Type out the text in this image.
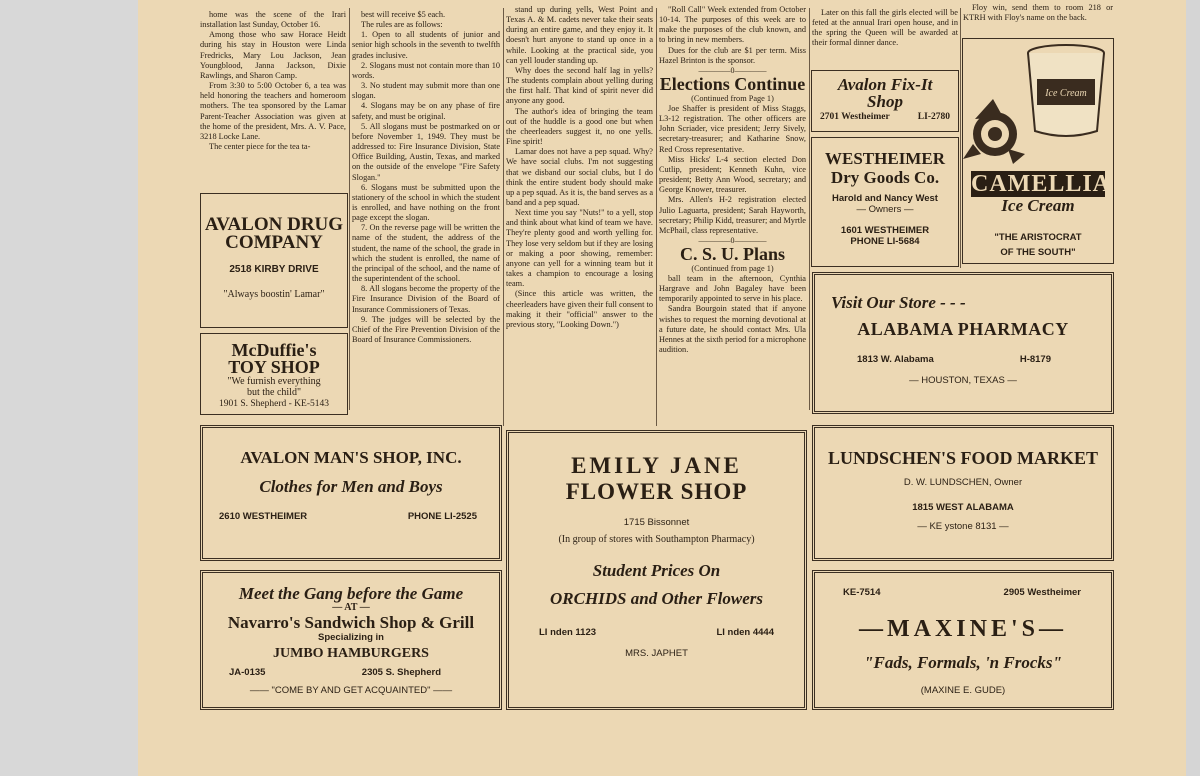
home was the scene of the Irari installation last Sunday, October 16.

Among those who saw Horace Heidt during his stay in Houston were Linda Fredricks, Mary Lou Jackson, Jean Youngblood, Janna Jackson, Dixie Rawlings, and Sharon Camp.

From 3:30 to 5:00 October 6, a tea was held honoring the teachers and homeroom mothers. The tea sponsored by the Lamar Parent-Teacher Association was given at the home of the president, Mrs. A. V. Pace, 3218 Locke Lane.

The center piece for the tea ta-

best will receive $5 each.

The rules are as follows:

1. Open to all students of junior and senior high schools in the seventh to twelfth grades inclusive.

2. Slogans must not contain more than 10 words.

3. No student may submit more than one slogan.

4. Slogans may be on any phase of fire safety, and must be original.

5. All slogans must be postmarked on or before November 1, 1949. They must be addressed to: Fire Insurance Division, State Office Building, Austin, Texas, and marked on the outside of the envelope "Fire Safety Slogan."

6. Slogans must be submitted upon the stationery of the school in which the student is enrolled, and have nothing on the front page except the slogan.

7. On the reverse page will be written the name of the student, the address of the student, the name of the school, the grade in which the student is enrolled, the name of the principal of the school, and the name of the superintendent of the school.

8. All slogans become the property of the Fire Insurance Division of the Board of Insurance Commissioners of Texas.

9. The judges will be selected by the Chief of the Fire Prevention Division of the Board of Insurance Commissioners.

stand up during yells, West Point and Texas A. & M. cadets never take their seats during an entire game, and they enjoy it. It doesn't hurt anyone to stand up once in a while. Looking at the practical side, you can yell louder standing up.

Why does the second half lag in yells? The students complain about yelling during the first half. That kind of spirit never did anyone any good.

The author's idea of bringing the team out of the huddle is a good one but when the cheerleaders suggest it, no one yells. Fine spirit!

Lamar does not have a pep squad. Why? We have social clubs. I'm not suggesting that we disband our social clubs, but I do think the entire student body should make up a pep squad. As it is, the band serves as a band and a pep squad.

Next time you say "Nuts!" to a yell, stop and think about what kind of team we have. They're plenty good and worth yelling for. They lose very seldom but if they are losing or making a poor showing, remember: anyone can yell for a winning team but it takes a champion to encourage a losing team.

(Since this article was written, the cheerleaders have given their full consent to making it their "official" answer to the previous story, "Looking Down.")

"Roll Call" Week extended from October 10-14. The purposes of this week are to make the purposes of the club known, and to bring in new members.

Dues for the club are $1 per term. Miss Hazel Brinton is the sponsor.

————0————
Elections Continue
(Continued from Page 1)

Joe Shaffer is president of Miss Staggs, L3-12 registration. The other officers are John Scriader, vice president; Jerry Sively, secretary-treasurer; and Katharine Snow, Red Cross representative.

Miss Hicks' L-4 section elected Don Cutlip, president; Kenneth Kuhn, vice president; Betty Ann Wood, secretary; and George Knower, treasurer.

Mrs. Allen's H-2 registration elected Julio Laguarta, president; Sarah Hayworth, secretary; Philip Kidd, treasurer; and Myrtle McPhail, class representative.

————0————
C. S. U. Plans
(Continued from page 1)

ball team in the afternoon, Cynthia Hargrave and John Bagaley have been temporarily appointed to serve in his place.

Sandra Bourgoin stated that if anyone wishes to request the morning devotional at a future date, he should contact Mrs. Ula Hennes at the sixth period for a microphone audition.

Later on this fall the girls elected will be feted at the annual Irari open house, and in the spring the Queen will be awarded at their formal dinner dance.

Floy win, send them to room 218 or KTRH with Floy's name on the back.

AVALON DRUG COMPANY
2518 KIRBY DRIVE
"Always boostin' Lamar"
McDuffie's
TOY SHOP
"We furnish everything
but the child"
1901 S. Shepherd - KE-5143
Avalon Fix-It
Shop
2701 Westheimer	LI-2780
WESTHEIMER
Dry Goods Co.
Harold and Nancy West
— Owners —
1601 WESTHEIMER
PHONE LI-5684
Ice Cream
CAMELLIA
Ice Cream
"THE ARISTOCRAT
OF THE SOUTH"
Visit Our Store - - -
ALABAMA PHARMACY
1813 W. Alabama	H-8179
— HOUSTON, TEXAS —
AVALON MAN'S SHOP, INC.
Clothes for Men and Boys
2610 WESTHEIMER	PHONE LI-2525
EMILY JANE
FLOWER SHOP
1715 Bissonnet
(In group of stores with Southampton Pharmacy)
Student Prices On
ORCHIDS and Other Flowers
LI nden 1123	LI nden 4444
MRS. JAPHET
LUNDSCHEN'S FOOD MARKET
D. W. LUNDSCHEN, Owner
1815 WEST ALABAMA
— KE ystone 8131 —
Meet the Gang before the Game
— AT —
Navarro's Sandwich Shop & Grill
Specializing in
JUMBO HAMBURGERS
JA-0135	2305 S. Shepherd
—— "COME BY AND GET ACQUAINTED" ——
KE-7514	2905 Westheimer
—MAXINE'S—
"Fads, Formals, 'n Frocks"
(MAXINE E. GUDE)
